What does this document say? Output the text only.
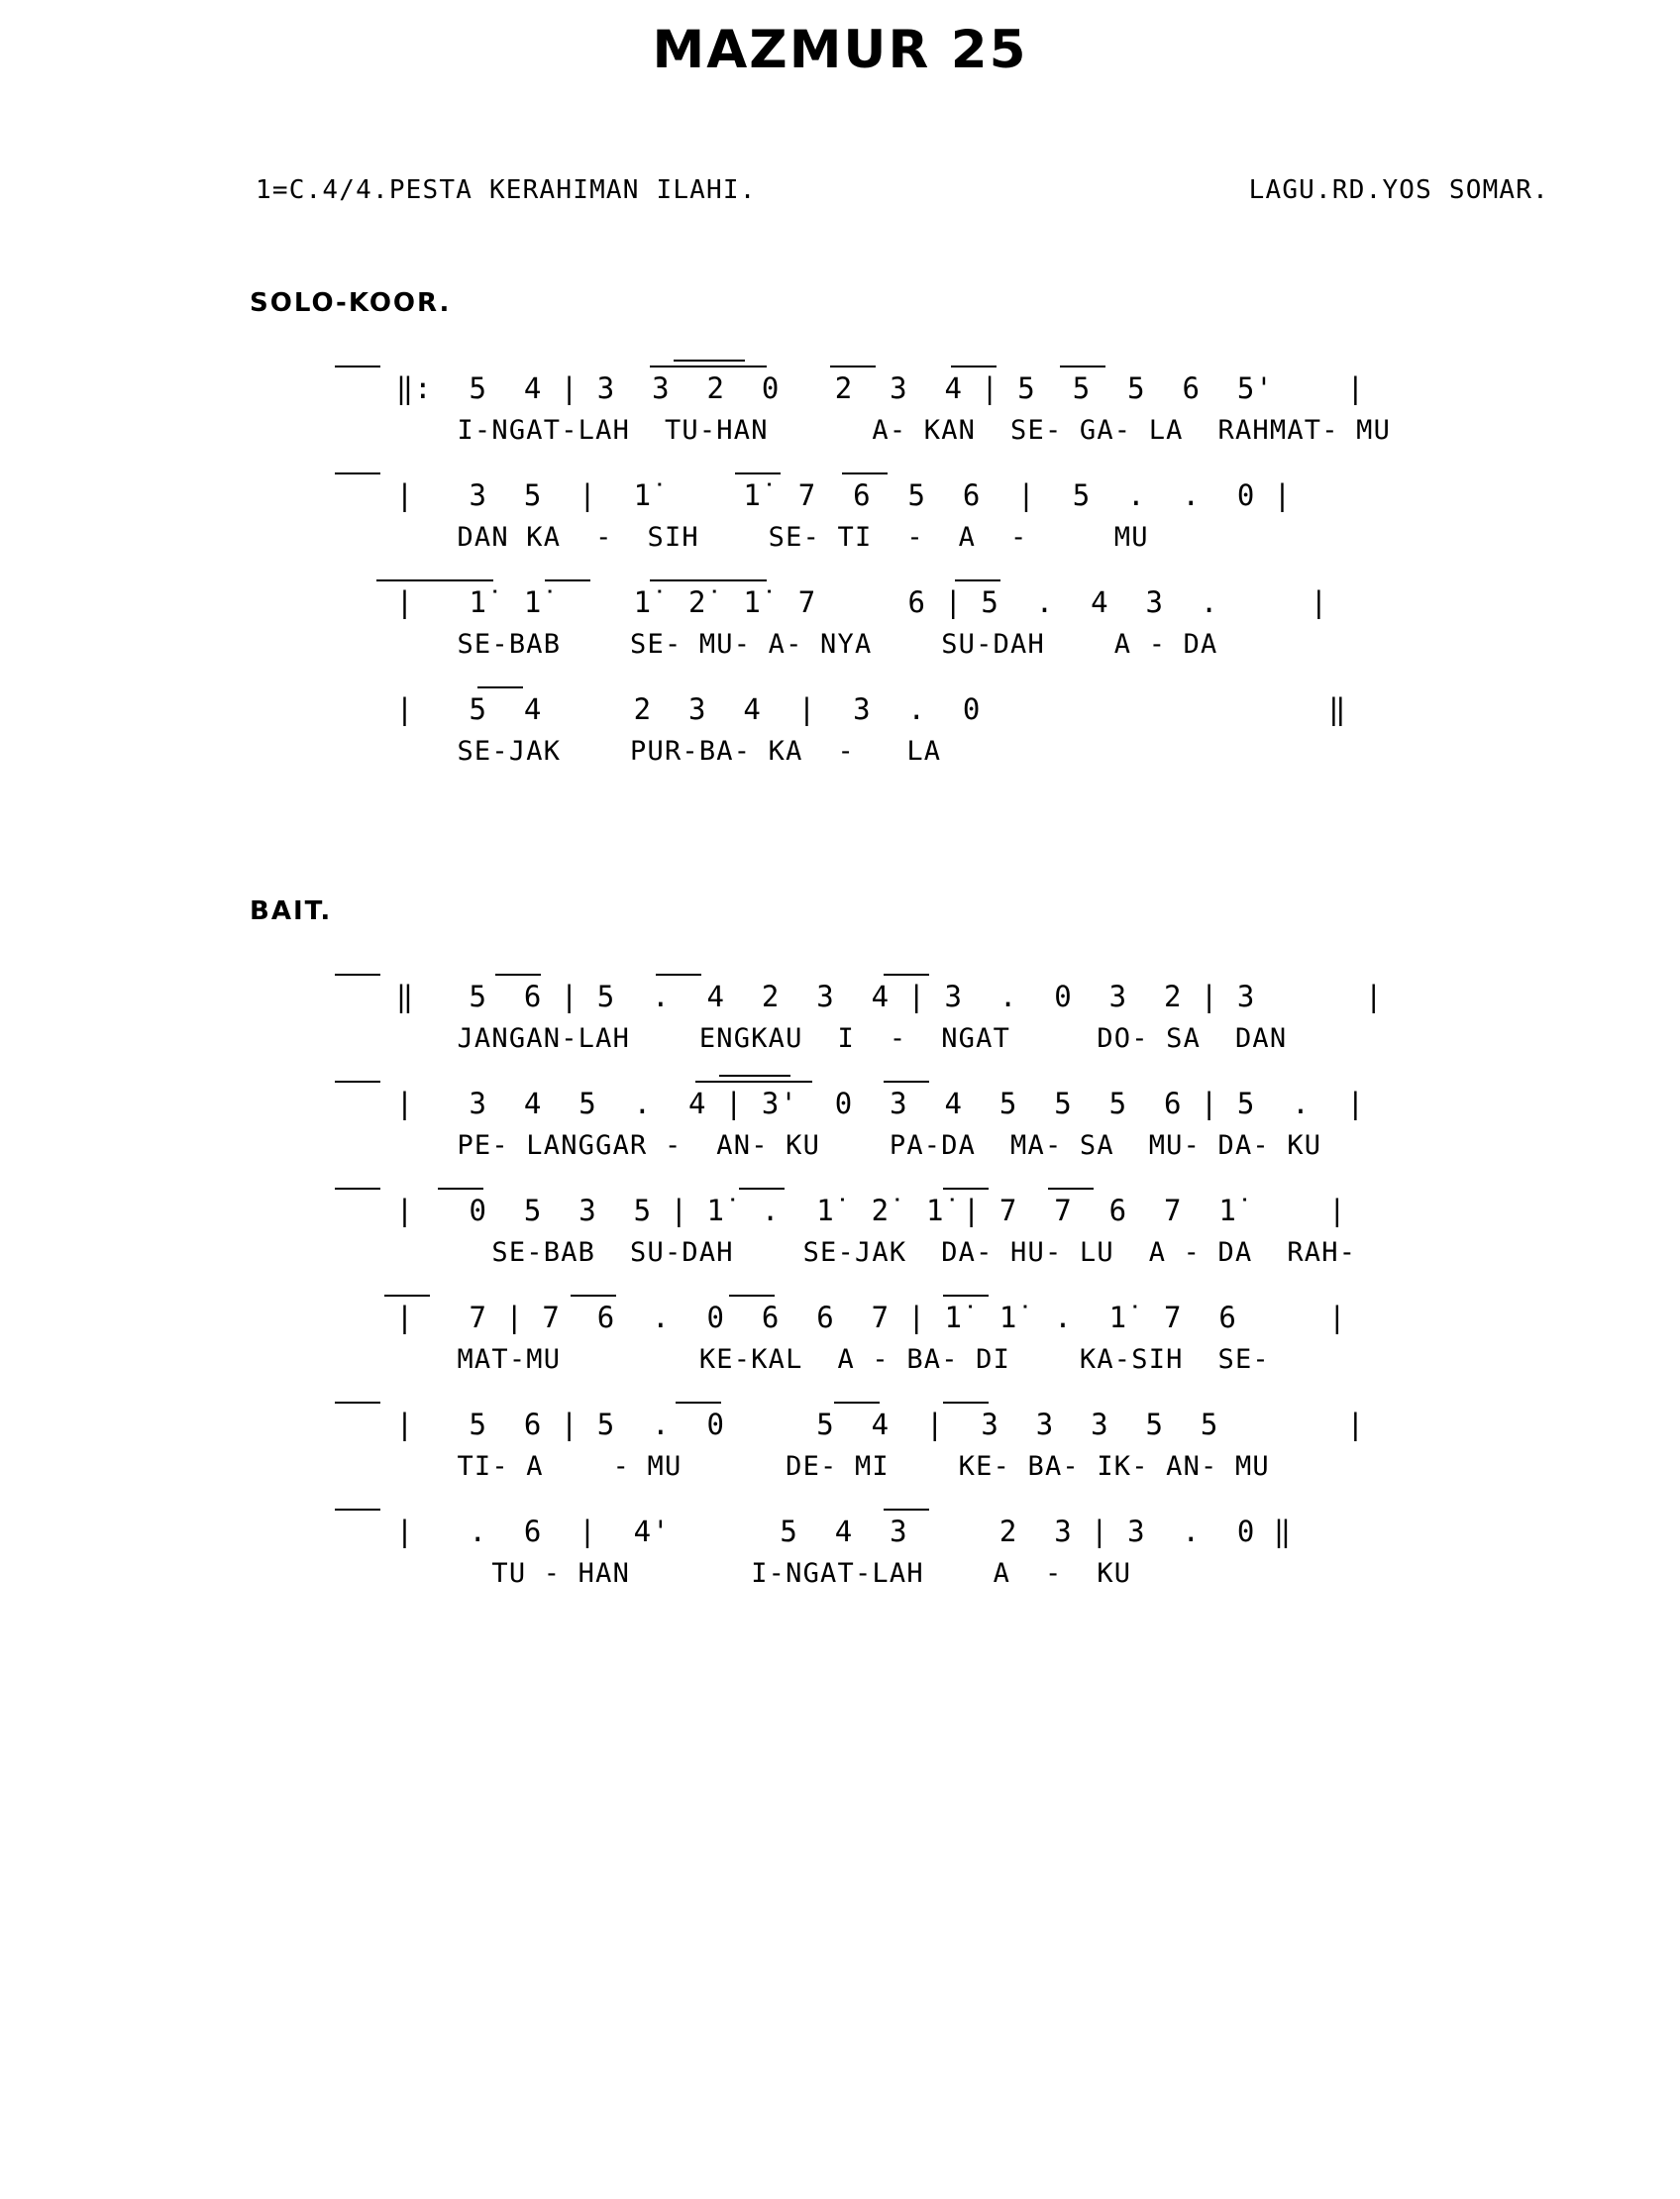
MAZMUR 25
1=C.4/4.PESTA KERAHIMAN ILAHI.	LAGU.RD.YOS SOMAR.
SOLO-KOOR.

‖:  5  4 | 3  3  2  0   2  3  4 | 5  5  5  6  5'    |

I-NGAT-LAH  TU-HAN      A- KAN  SE- GA- LA  RAHMAT- MU

|   3  5  |  1̇     1̇  7  6  5  6  |  5  .  .  0 |

DAN KA  -  SIH    SE- TI  -  A  -     MU

|   1̇  1̇     1̇  2̇  1̇  7     6 | 5  .  4  3  .     |

SE-BAB    SE- MU- A- NYA    SU-DAH    A - DA

|   5  4     2  3  4  |  3  .  0                   ‖

SE-JAK    PUR-BA- KA  -   LA

BAIT.

‖   5  6 | 5  .  4  2  3  4 | 3  .  0  3  2 | 3      |

JANGAN-LAH    ENGKAU  I  -  NGAT     DO- SA  DAN

|   3  4  5  .  4 | 3'  0  3  4  5  5  5  6 | 5  .  |

PE- LANGGAR -  AN- KU    PA-DA  MA- SA  MU- DA- KU

|   0  5  3  5 | 1̇  .  1̇  2̇  1̇ | 7  7  6  7  1̇     |

SE-BAB  SU-DAH    SE-JAK  DA- HU- LU  A - DA  RAH-

|   7 | 7  6  .  0  6  6  7 | 1̇  1̇  .  1̇  7  6     |

MAT-MU        KE-KAL  A - BA- DI    KA-SIH  SE-

|   5  6 | 5  .  0     5  4  |  3  3  3  5  5       |

TI- A    - MU      DE- MI    KE- BA- IK- AN- MU

|   .  6  |  4'      5  4  3     2  3 | 3  .  0 ‖

TU - HAN       I-NGAT-LAH    A  -  KU
